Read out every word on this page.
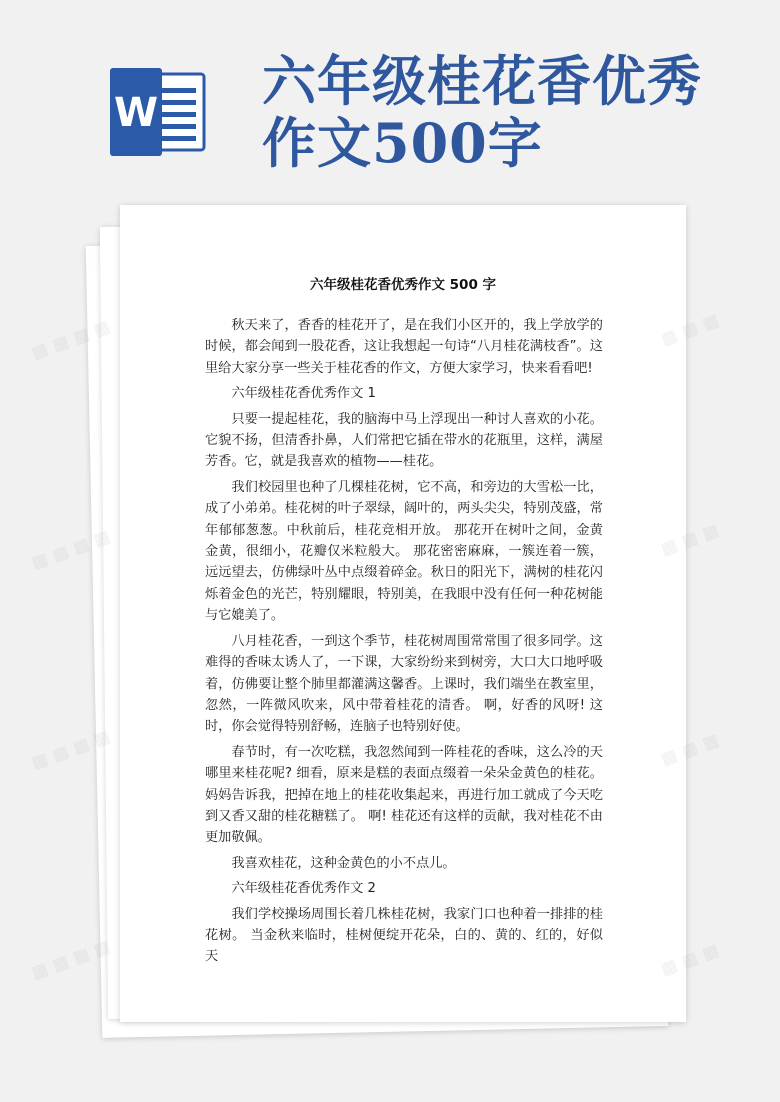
W 六年级桂花香优秀
作文500字
六年级桂花香优秀作文 500 字

秋天来了，香香的桂花开了，是在我们小区开的，我上学放学的时候，都会闻到一股花香，这让我想起一句诗“八月桂花满枝香”。这里给大家分享一些关于桂花香的作文，方便大家学习，快来看看吧!

六年级桂花香优秀作文 1

只要一提起桂花，我的脑海中马上浮现出一种讨人喜欢的小花。它貌不扬，但清香扑鼻，人们常把它插在带水的花瓶里，这样，满屋芳香。它，就是我喜欢的植物——桂花。

我们校园里也种了几棵桂花树，它不高，和旁边的大雪松一比，成了小弟弟。桂花树的叶子翠绿，阔叶的，两头尖尖，特别茂盛，常年郁郁葱葱。中秋前后，桂花竞相开放。 那花开在树叶之间，金黄金黄，很细小，花瓣仅米粒般大。 那花密密麻麻，一簇连着一簇，远远望去，仿佛绿叶丛中点缀着碎金。秋日的阳光下，满树的桂花闪烁着金色的光芒，特别耀眼，特别美，在我眼中没有任何一种花树能与它媲美了。

八月桂花香，一到这个季节，桂花树周围常常围了很多同学。这难得的香味太诱人了，一下课，大家纷纷来到树旁，大口大口地呼吸着，仿佛要让整个肺里都灌满这馨香。上课时，我们端坐在教室里，忽然，一阵微风吹来，风中带着桂花的清香。 啊，好香的风呀! 这时，你会觉得特别舒畅，连脑子也特别好使。

春节时，有一次吃糕，我忽然闻到一阵桂花的香味，这么冷的天哪里来桂花呢? 细看，原来是糕的表面点缀着一朵朵金黄色的桂花。妈妈告诉我，把掉在地上的桂花收集起来，再进行加工就成了今天吃到又香又甜的桂花糖糕了。 啊! 桂花还有这样的贡献，我对桂花不由更加敬佩。

我喜欢桂花，这种金黄色的小不点儿。

六年级桂花香优秀作文 2

我们学校操场周围长着几株桂花树，我家门口也种着一排排的桂花树。 当金秋来临时，桂树便绽开花朵，白的、黄的、红的，好似天

▦ ▦ ▦ ▦	▦ ▦ ▦
▦ ▦ ▦ ▦	▦ ▦ ▦
▦ ▦ ▦ ▦	▦ ▦ ▦
▦ ▦ ▦ ▦	▦ ▦ ▦
